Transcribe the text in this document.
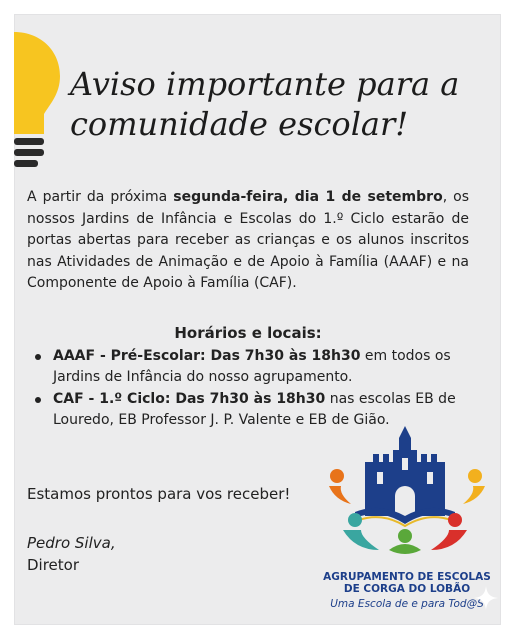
Aviso importante para a
comunidade escolar!

A partir da próxima segunda-feira, dia 1 de setembro, os nossos Jardins de Infância e Escolas do 1.º Ciclo estarão de portas abertas para receber as crianças e os alunos inscritos nas Atividades de Animação e de Apoio à Família (AAAF) e na Componente de Apoio à Família (CAF).

Horários e locais:

AAAF - Pré-Escolar: Das 7h30 às 18h30 em todos os Jardins de Infância do nosso agrupamento.
CAF - 1.º Ciclo: Das 7h30 às 18h30 nas escolas EB de Louredo, EB Professor J. P. Valente e EB de Gião.

Estamos prontos para vos receber!

Pedro Silva,

Diretor

AGRUPAMENTO DE ESCOLAS
DE CORGA DO LOBÃO

Uma Escola de e para Tod@S
